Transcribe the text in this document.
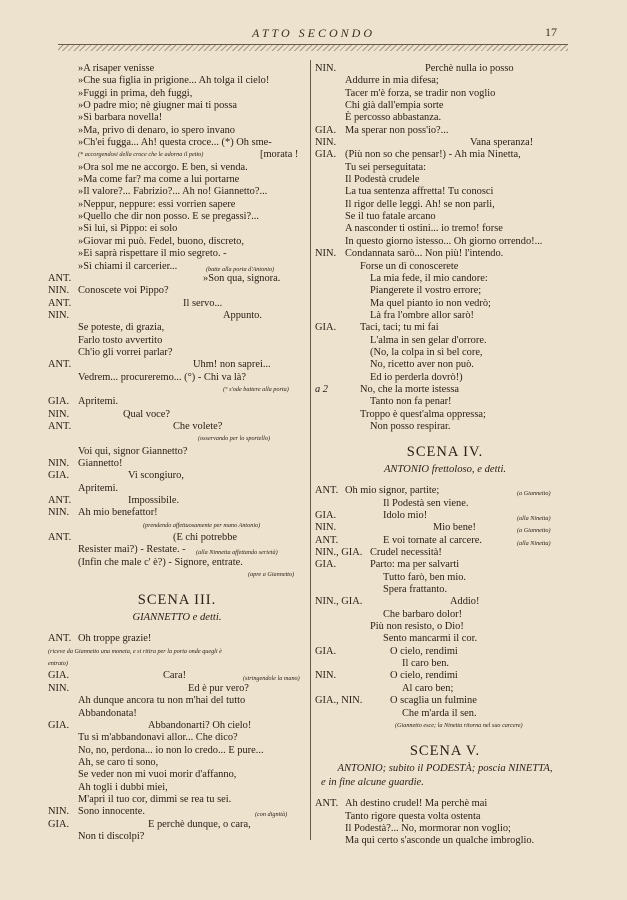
ATTO SECONDO	17
»A risaper venisse
»Che sua figlia in prigione... Ah tolga il cielo!
»Fuggi in prima, deh fuggi,
»O padre mio; nè giugner mai ti possa
»Sì barbara novella!
»Ma, privo di denaro, io spero invano
»Ch'ei fugga... Ah! questa croce... (*) Oh sme-
(* accorgendosi della croce che le adorna il petto)	[morata !
»Ora sol me ne accorgo. E ben, si venda.
»Ma come far? ma come a lui portarne
»Il valore?... Fabrizio?... Ah no! Giannetto?...
»Neppur, neppure: essi vorrien sapere
»Quello che dir non posso. E se pregassi?...
»Sì lui, sì Pippo: ei solo
»Giovar mi può. Fedel, buono, discreto,
»Ei saprà rispettare il mio segreto. -
»Sì chiami il carcerier...	(batte alla porta d'Antonio)
ANT.	»Son qua, signora.
NIN. Conoscete voi Pippo?
ANT.	Il servo...
NIN.	Appunto.
Se poteste, di grazia,
Farlo tosto avvertito
Ch'io gli vorrei parlar?
ANT.	Uhm! non saprei...
Vedrem... procureremo... (°) - Chi va là?
(° s'ode battere alla porta)
GIA. Apritemi.
NIN.	Qual voce?
ANT.	Che volete?
(osservando per lo sportello)
Voi qui, signor Giannetto?
NIN. Giannetto!
GIA.	Vi scongiuro,
Apritemi.
ANT.	Impossibile.
NIN. Ah mio benefattor!
(prendendo affettuosamente per mano Antonio)
ANT.	(E chi potrebbe
Resister mai?) - Restate. -	(alla Ninnetta affettando serietà)
(Infin che male c' è?) - Signore, entrate.
(apre a Giannetto)
SCENA III.
GIANNETTO e detti.
ANT. Oh troppe grazie!
(riceve da Giannetto una moneta, e si ritira per la porta onde quegli è
entrato)
GIA.	Cara!	(stringendole la mano)
NIN.	Ed è pur vero?
Ah dunque ancora tu non m'hai del tutto
Abbandonata!
GIA.	Abbandonarti? Oh cielo!
Tu sì m'abbandonavi allor... Che dico?
No, no, perdona... io non lo credo... E pure...
Ah, se caro ti sono,
Se veder non mi vuoi morir d'affanno,
Ah togli i dubbi miei,
M'apri il tuo cor, dimmi se rea tu sei.
NIN. Sono innocente.	(con dignità)
GIA.	E perchè dunque, o cara,
Non ti discolpi?
NIN.	Perchè nulla io posso
Addurre in mia difesa;
Tacer m'è forza, se tradir non voglio
Chi già dall'empia sorte
È percosso abbastanza.
GIA. Ma sperar non poss'io?...
NIN.	Vana speranza!
GIA. (Più non so che pensar!) - Ah mia Ninetta,
Tu sei perseguitata:
Il Podestà crudele
La tua sentenza affretta! Tu conosci
Il rigor delle leggi. Ah! se non parli,
Se il tuo fatale arcano
A nasconder ti ostini... io tremo! forse
In questo giorno istesso... Oh giorno orrendo!...
NIN. Condannata sarò... Non più! l'intendo.
Forse un dì conoscerete
La mia fede, il mio candore:
Piangerete il vostro errore;
Ma quel pianto io non vedrò;
Là fra l'ombre allor sarò!
GIA.	Taci, taci; tu mi fai
L'alma in sen gelar d'orrore.
(No, la colpa in sì bel core,
No, ricetto aver non può.
Ed io perderla dovrò!)
a 2	No, che la morte istessa
Tanto non fa penar!
Troppo è quest'alma oppressa;
Non posso respirar.
SCENA IV.
ANTONIO frettoloso, e detti.
ANT. Oh mio signor, partite;	(a Giannetto)
Il Podestà sen viene.
GIA.	Idolo mio!	(alla Ninetta)
NIN.	Mio bene!	(a Giannetto)
ANT.	E voi tornate al carcere.	(alla Ninetta)
NIN., GIA. Crudel necessità!
GIA.	Parto: ma per salvarti
Tutto farò, ben mio.
Spera frattanto.
NIN., GIA.	Addio!
Che barbaro dolor!
Più non resisto, o Dio!
Sento mancarmi il cor.
GIA.	O cielo, rendimi
Il caro ben.
NIN.	O cielo, rendimi
Al caro ben;
GIA., NIN.	O scaglia un fulmine
Che m'arda il sen.
(Giannetto esce; la Ninetta ritorna nel suo carcere)
SCENA V.
ANTONIO; subito il PODESTÀ; poscia NINETTA,
e in fine alcune guardie.
ANT. Ah destino crudel! Ma perchè mai
Tanto rigore questa volta ostenta
Il Podestà?... No, mormorar non voglio;
Ma qui certo s'asconde un qualche imbroglio.
